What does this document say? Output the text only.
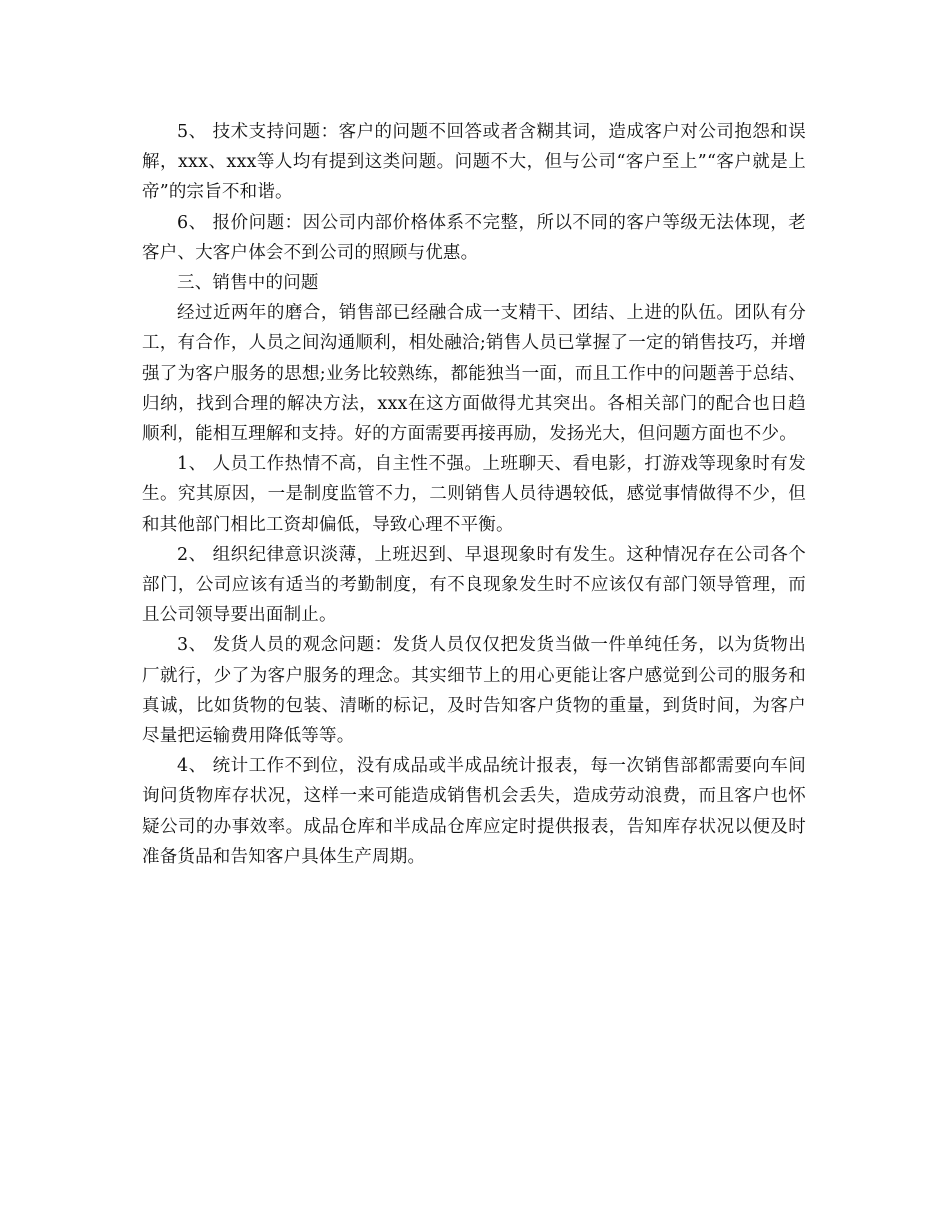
5、 技术支持问题：客户的问题不回答或者含糊其词，造成客户对公司抱怨和误解，xxx、xxx等人均有提到这类问题。问题不大，但与公司“客户至上”“客户就是上帝”的宗旨不和谐。

6、 报价问题：因公司内部价格体系不完整，所以不同的客户等级无法体现，老客户、大客户体会不到公司的照顾与优惠。

三、销售中的问题

经过近两年的磨合，销售部已经融合成一支精干、团结、上进的队伍。团队有分工，有合作，人员之间沟通顺利，相处融洽;销售人员已掌握了一定的销售技巧，并增强了为客户服务的思想;业务比较熟练，都能独当一面，而且工作中的问题善于总结、归纳，找到合理的解决方法，xxx在这方面做得尤其突出。各相关部门的配合也日趋顺利，能相互理解和支持。好的方面需要再接再励，发扬光大，但问题方面也不少。

1、 人员工作热情不高，自主性不强。上班聊天、看电影，打游戏等现象时有发生。究其原因，一是制度监管不力，二则销售人员待遇较低，感觉事情做得不少，但和其他部门相比工资却偏低，导致心理不平衡。

2、 组织纪律意识淡薄，上班迟到、早退现象时有发生。这种情况存在公司各个部门，公司应该有适当的考勤制度，有不良现象发生时不应该仅有部门领导管理，而且公司领导要出面制止。

3、 发货人员的观念问题：发货人员仅仅把发货当做一件单纯任务，以为货物出厂就行，少了为客户服务的理念。其实细节上的用心更能让客户感觉到公司的服务和真诚，比如货物的包装、清晰的标记，及时告知客户货物的重量，到货时间，为客户尽量把运输费用降低等等。

4、 统计工作不到位，没有成品或半成品统计报表，每一次销售部都需要向车间询问货物库存状况，这样一来可能造成销售机会丢失，造成劳动浪费，而且客户也怀疑公司的办事效率。成品仓库和半成品仓库应定时提供报表，告知库存状况以便及时准备货品和告知客户具体生产周期。
